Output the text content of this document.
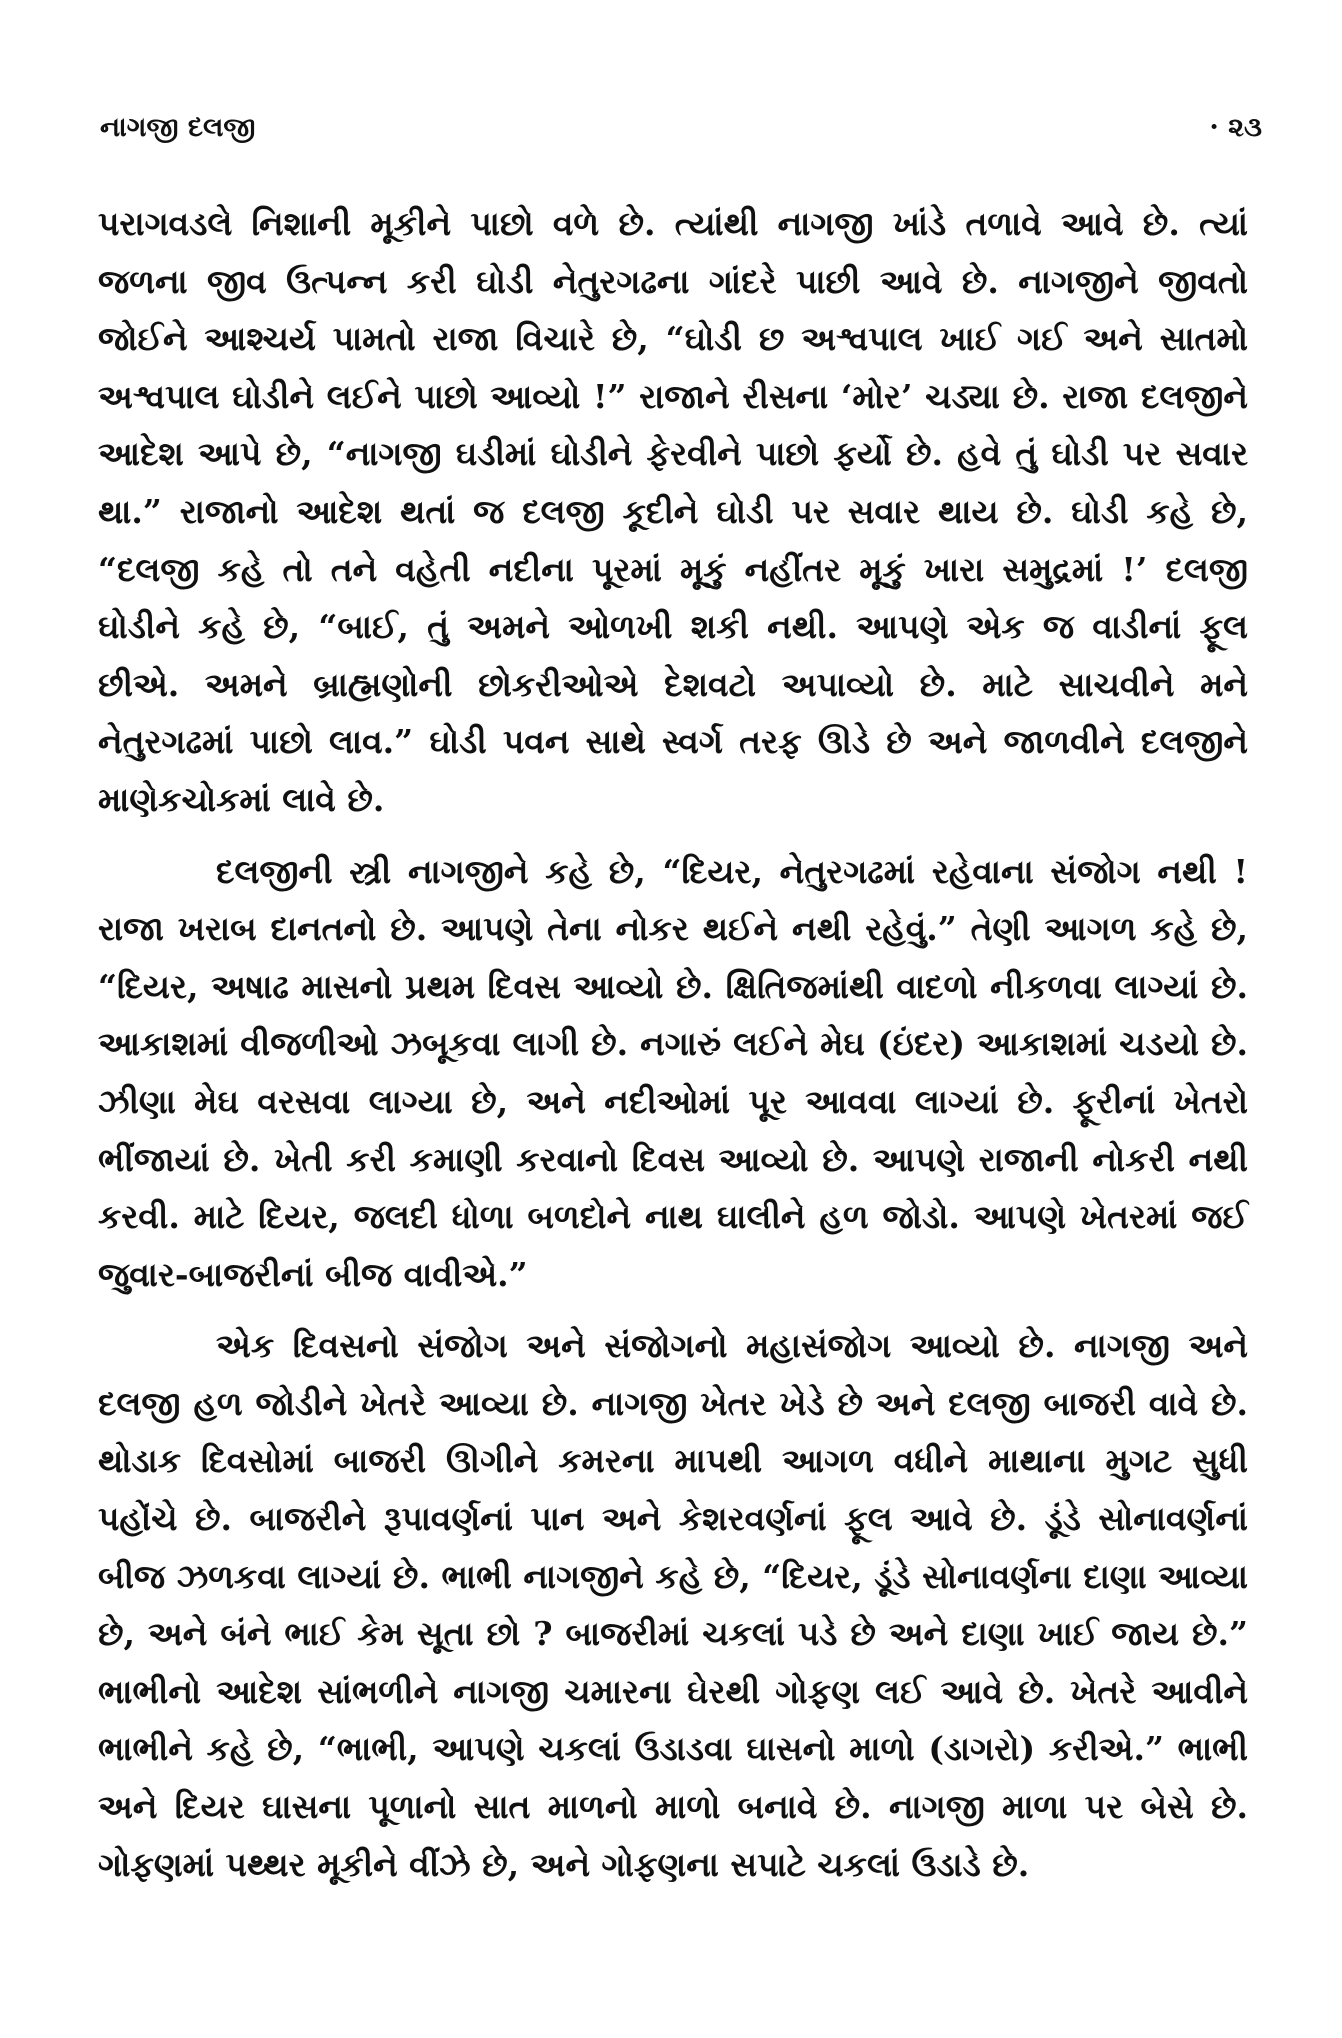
નાગજી દલજી	· ૨૩

પરાગવડલે નિશાની મૂકીને પાછો વળે છે. ત્યાંથી નાગજી ખાંડે તળાવે આવે છે. ત્યાં જળના જીવ ઉત્પન્ન કરી ઘોડી નેતુરગઢના ગાંદરે પાછી આવે છે. નાગજીને જીવતો જોઈને આશ્ચર્ય પામતો રાજા વિચારે છે, “ઘોડી છ અશ્વપાલ ખાઈ ગઈ અને સાતમો અશ્વપાલ ઘોડીને લઈને પાછો આવ્યો !” રાજાને રીસના ‘મોર’ ચડ્યા છે. રાજા દલજીને આદેશ આપે છે, “નાગજી ઘડીમાં ઘોડીને ફેરવીને પાછો ફર્યો છે. હવે તું ઘોડી પર સવાર થા.” રાજાનો આદેશ થતાં જ દલજી કૂદીને ઘોડી પર સવાર થાય છે. ઘોડી કહે છે, “દલજી કહે તો તને વહેતી નદીના પૂરમાં મૂકું નહીંતર મૂકું ખારા સમુદ્રમાં !’ દલજી ઘોડીને કહે છે, “બાઈ, તું અમને ઓળખી શકી નથી. આપણે એક જ વાડીનાં ફૂલ છીએ. અમને બ્રાહ્મણોની છોકરીઓએ દેશવટો અપાવ્યો છે. માટે સાચવીને મને નેતુરગઢમાં પાછો લાવ.” ઘોડી પવન સાથે સ્વર્ગ તરફ ઊડે છે અને જાળવીને દલજીને માણેકચોકમાં લાવે છે.

દલજીની સ્ત્રી નાગજીને કહે છે, “દિયર, નેતુરગઢમાં રહેવાના સંજોગ નથી ! રાજા ખરાબ દાનતનો છે. આપણે તેના નોકર થઈને નથી રહેવું.” તેણી આગળ કહે છે, “દિયર, અષાઢ માસનો પ્રથમ દિવસ આવ્યો છે. ક્ષિતિજમાંથી વાદળો નીકળવા લાગ્યાં છે. આકાશમાં વીજળીઓ ઝબૂકવા લાગી છે. નગારું લઈને મેઘ (ઇંદર) આકાશમાં ચડયો છે. ઝીણા મેઘ વરસવા લાગ્યા છે, અને નદીઓમાં પૂર આવવા લાગ્યાં છે. ફૂરીનાં ખેતરો ભીંજાયાં છે. ખેતી કરી કમાણી કરવાનો દિવસ આવ્યો છે. આપણે રાજાની નોકરી નથી કરવી. માટે દિયર, જલદી ધોળા બળદોને નાથ ઘાલીને હળ જોડો. આપણે ખેતરમાં જઈ જુવાર-બાજરીનાં બીજ વાવીએ.”

એક દિવસનો સંજોગ અને સંજોગનો મહાસંજોગ આવ્યો છે. નાગજી અને દલજી હળ જોડીને ખેતરે આવ્યા છે. નાગજી ખેતર ખેડે છે અને દલજી બાજરી વાવે છે. થોડાક દિવસોમાં બાજરી ઊગીને કમરના માપથી આગળ વધીને માથાના મુગટ સુધી પહોંચે છે. બાજરીને રૂપાવર્ણનાં પાન અને કેશરવર્ણનાં ફૂલ આવે છે. ડૂંડે સોનાવર્ણનાં બીજ ઝળકવા લાગ્યાં છે. ભાભી નાગજીને કહે છે, “દિયર, ડૂંડે સોનાવર્ણના દાણા આવ્યા છે, અને બંને ભાઈ કેમ સૂતા છો ? બાજરીમાં ચકલાં પડે છે અને દાણા ખાઈ જાય છે.” ભાભીનો આદેશ સાંભળીને નાગજી ચમારના ઘેરથી ગોફણ લઈ આવે છે. ખેતરે આવીને ભાભીને કહે છે, “ભાભી, આપણે ચકલાં ઉડાડવા ઘાસનો માળો (ડાગરો) કરીએ.” ભાભી અને દિયર ઘાસના પૂળાનો સાત માળનો માળો બનાવે છે. નાગજી માળા પર બેસે છે. ગોફણમાં પથ્થર મૂકીને વીંઝે છે, અને ગોફણના સપાટે ચકલાં ઉડાડે છે.
